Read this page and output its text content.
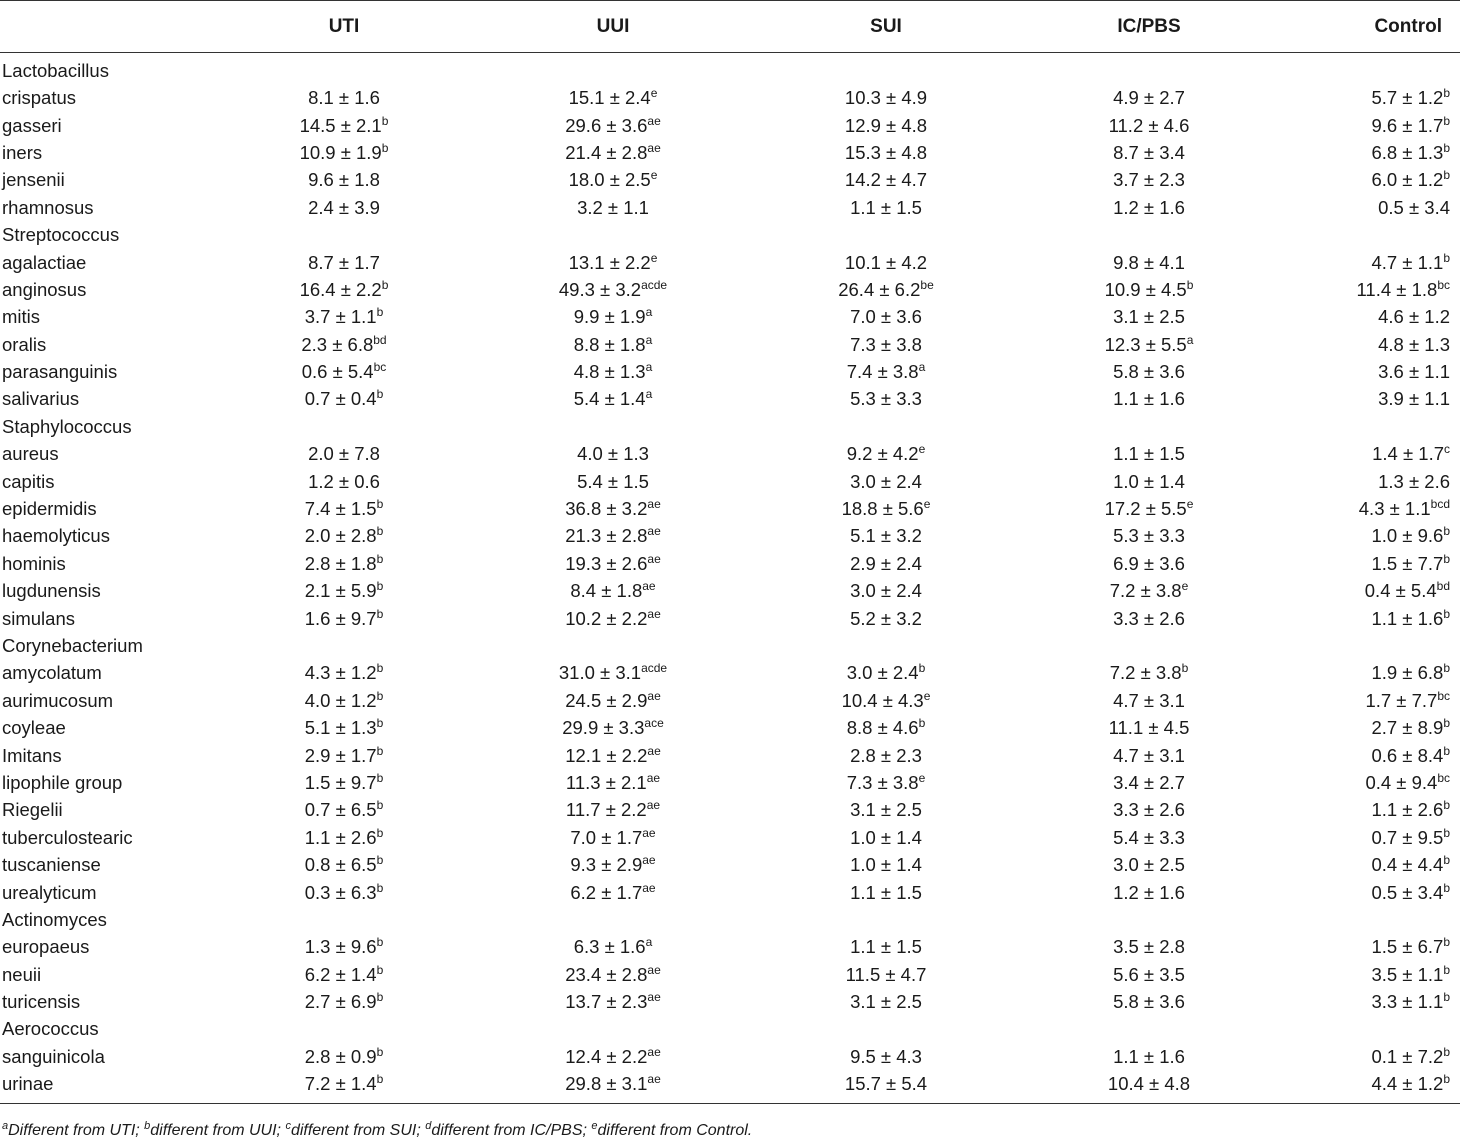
	UTI	UUI	SUI	IC/PBS	Control
Lactobacillus					
crispatus	8.1 ± 1.6	15.1 ± 2.4$^e$	10.3 ± 4.9	4.9 ± 2.7	5.7 ± 1.2$^b$
gasseri	14.5 ± 2.1$^b$	29.6 ± 3.6$^{ae}$	12.9 ± 4.8	11.2 ± 4.6	9.6 ± 1.7$^b$
iners	10.9 ± 1.9$^b$	21.4 ± 2.8$^{ae}$	15.3 ± 4.8	8.7 ± 3.4	6.8 ± 1.3$^b$
jensenii	9.6 ± 1.8	18.0 ± 2.5$^e$	14.2 ± 4.7	3.7 ± 2.3	6.0 ± 1.2$^b$
rhamnosus	2.4 ± 3.9	3.2 ± 1.1	1.1 ± 1.5	1.2 ± 1.6	0.5 ± 3.4
Streptococcus					
agalactiae	8.7 ± 1.7	13.1 ± 2.2$^e$	10.1 ± 4.2	9.8 ± 4.1	4.7 ± 1.1$^b$
anginosus	16.4 ± 2.2$^b$	$49.3 \pm 3.2^{acde}$	26.4 ± 6.2$^{be}$	10.9 ± 4.5$^b$	11.4 ± 1.8$^{bc}$
mitis	3.7 ± 1.1$^b$	9.9 ± 1.9$^a$	7.0 ± 3.6	3.1 ± 2.5	4.6 ± 1.2
oralis	2.3 ± 6.8$^{bd}$	8.8 ± 1.8$^a$	7.3 ± 3.8	12.3 ± 5.5$^a$	4.8 ± 1.3
parasanguinis	0.6 ± 5.4$^{bc}$	4.8 ± 1.3$^a$	7.4 ± 3.8$^a$	5.8 ± 3.6	3.6 ± 1.1
salivarius	0.7 ± 0.4$^b$	5.4 ± 1.4$^a$	5.3 ± 3.3	1.1 ± 1.6	3.9 ± 1.1
Staphylococcus					
aureus	2.0 ± 7.8	4.0 ± 1.3	9.2 ± 4.2$^e$	1.1 ± 1.5	1.4 ± 1.7$^c$
capitis	1.2 ± 0.6	5.4 ± 1.5	3.0 ± 2.4	1.0 ± 1.4	1.3 ± 2.6
epidermidis	7.4 ± 1.5$^b$	36.8 ± 3.2$^{ae}$	18.8 ± 5.6$^e$	17.2 ± 5.5$^e$	4.3 ± 1.1$^{bcd}$
haemolyticus	2.0 ± 2.8$^b$	21.3 ± 2.8$^{ae}$	5.1 ± 3.2	5.3 ± 3.3	1.0 ± 9.6$^b$
hominis	2.8 ± 1.8$^b$	19.3 ± 2.6$^{ae}$	2.9 ± 2.4	6.9 ± 3.6	1.5 ± 7.7$^b$
lugdunensis	2.1 ± 5.9$^b$	8.4 ± 1.8$^{ae}$	3.0 ± 2.4	7.2 ± 3.8$^e$	0.4 ± 5.4$^{bd}$
simulans	1.6 ± 9.7$^b$	10.2 ± 2.2$^{ae}$	5.2 ± 3.2	3.3 ± 2.6	1.1 ± 1.6$^b$
Corynebacterium					
amycolatum	4.3 ± 1.2$^b$	$31.0 \pm 3.1^{acde}$	3.0 ± 2.4$^b$	7.2 ± 3.8$^b$	1.9 ± 6.8$^b$
aurimucosum	4.0 ± 1.2$^b$	24.5 ± 2.9$^{ae}$	10.4 ± 4.3$^e$	4.7 ± 3.1	1.7 ± 7.7$^{bc}$
coyleae	5.1 ± 1.3$^b$	29.9 ± 3.3$^{ace}$	8.8 ± 4.6$^b$	11.1 ± 4.5	2.7 ± 8.9$^b$
Imitans	2.9 ± 1.7$^b$	12.1 ± 2.2$^{ae}$	2.8 ± 2.3	4.7 ± 3.1	0.6 ± 8.4$^b$
lipophile group	1.5 ± 9.7$^b$	11.3 ± 2.1$^{ae}$	7.3 ± 3.8$^e$	3.4 ± 2.7	0.4 ± 9.4$^{bc}$
Riegelii	0.7 ± 6.5$^b$	11.7 ± 2.2$^{ae}$	3.1 ± 2.5	3.3 ± 2.6	1.1 ± 2.6$^b$
tuberculostearic	1.1 ± 2.6$^b$	7.0 ± 1.7$^{ae}$	1.0 ± 1.4	5.4 ± 3.3	0.7 ± 9.5$^b$
tuscaniense	0.8 ± 6.5$^b$	9.3 ± 2.9$^{ae}$	1.0 ± 1.4	3.0 ± 2.5	0.4 ± 4.4$^b$
urealyticum	0.3 ± 6.3$^b$	6.2 ± 1.7$^{ae}$	1.1 ± 1.5	1.2 ± 1.6	0.5 ± 3.4$^b$
Actinomyces					
europaeus	1.3 ± 9.6$^b$	6.3 ± 1.6$^a$	1.1 ± 1.5	3.5 ± 2.8	1.5 ± 6.7$^b$
neuii	6.2 ± 1.4$^b$	23.4 ± 2.8$^{ae}$	11.5 ± 4.7	5.6 ± 3.5	3.5 ± 1.1$^b$
turicensis	2.7 ± 6.9$^b$	13.7 ± 2.3$^{ae}$	3.1 ± 2.5	5.8 ± 3.6	3.3 ± 1.1$^b$
Aerococcus					
sanguinicola	2.8 ± 0.9$^b$	12.4 ± 2.2$^{ae}$	9.5 ± 4.3	1.1 ± 1.6	0.1 ± 7.2$^b$
urinae	7.2 ± 1.4$^b$	29.8 ± 3.1$^{ae}$	15.7 ± 5.4	10.4 ± 4.8	4.4 ± 1.2$^b$
$^a$Different from UTI; $^b$different from UUI; $^c$different from SUI; $^d$different from IC/PBS; $^e$different from Control.
